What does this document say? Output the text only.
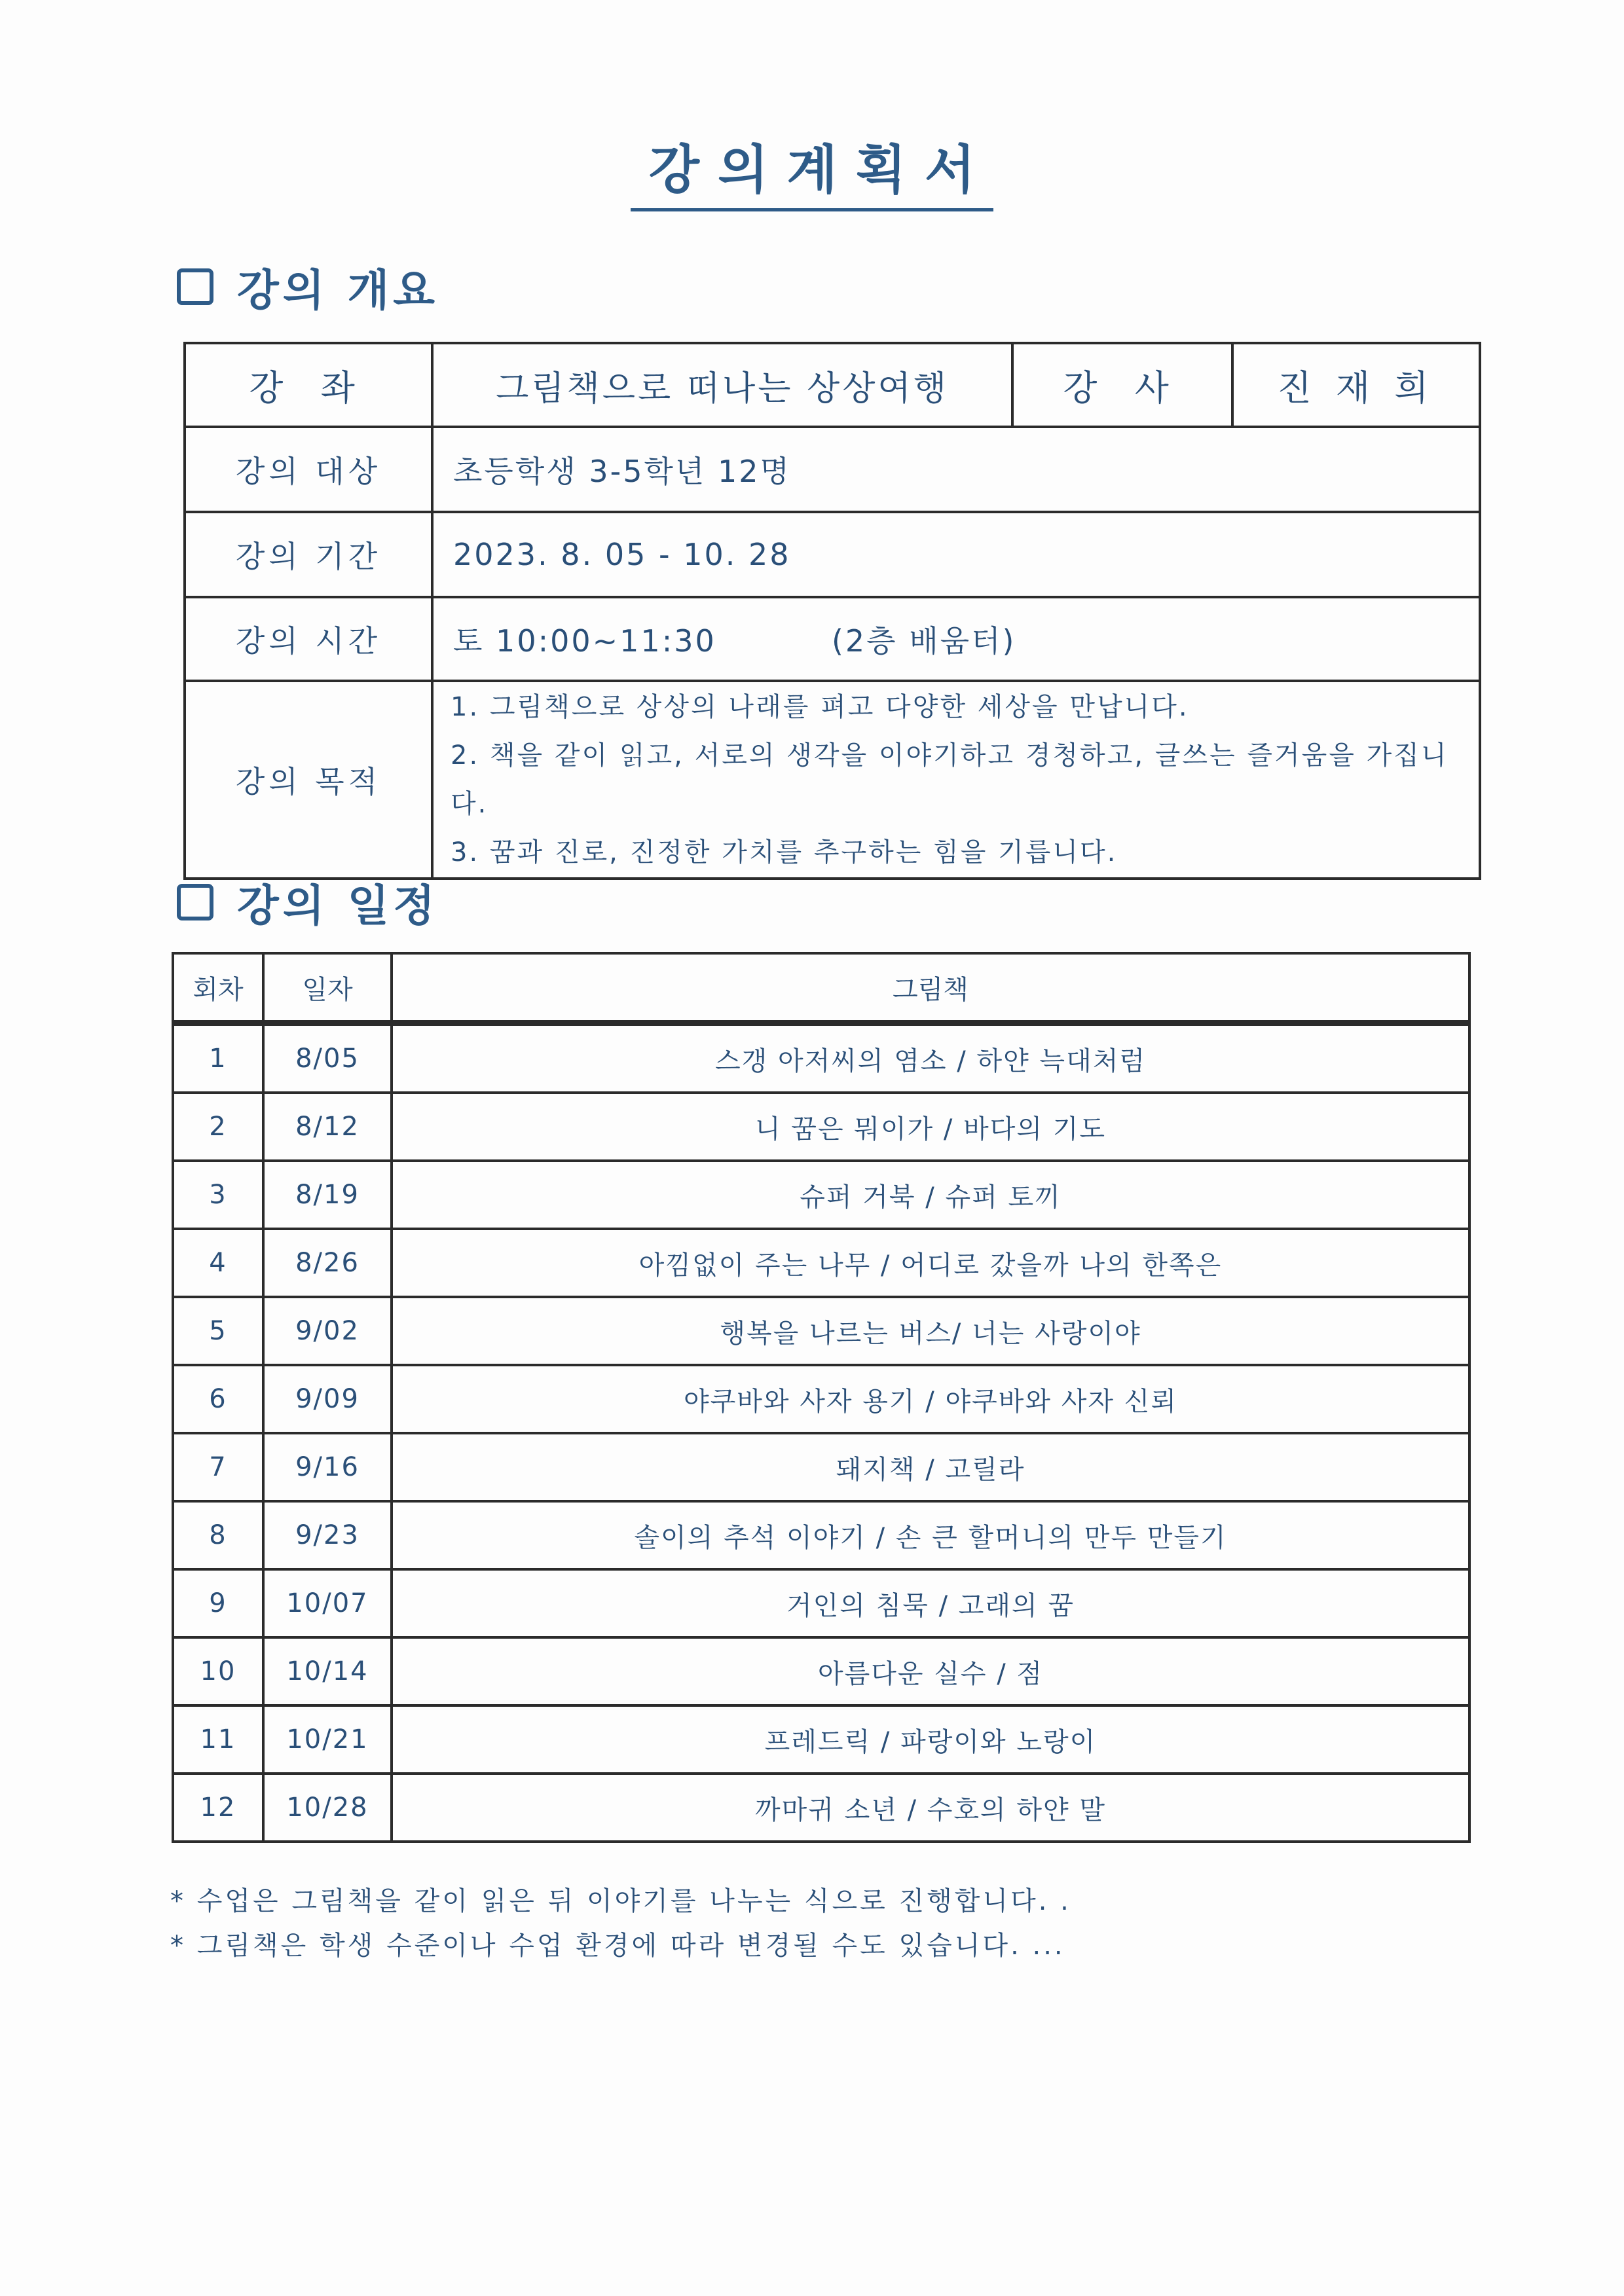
강의계획서
강의 개요
강 좌	그림책으로 떠나는 상상여행	강 사	진 재 희
강의 대상	초등학생 3-5학년 12명		
강의 기간	2023. 8. 05 - 10. 28		
강의 시간	토 10:00~11:30          (2층 배움터)		
강의 목적	1. 그림책으로 상상의 나래를 펴고 다양한 세상을 만납니다.
2. 책을 같이 읽고, 서로의 생각을 이야기하고 경청하고, 글쓰는 즐거움을 가집니다.
3. 꿈과 진로, 진정한 가치를 추구하는 힘을 기릅니다.		
강의 일정
회차	일자	그림책
1	8/05	스갱 아저씨의 염소 / 하얀 늑대처럼
2	8/12	니 꿈은 뭐이가 / 바다의 기도
3	8/19	슈퍼 거북 / 슈퍼 토끼
4	8/26	아낌없이 주는 나무 / 어디로 갔을까 나의 한쪽은
5	9/02	행복을 나르는 버스/ 너는 사랑이야
6	9/09	야쿠바와 사자 용기 / 야쿠바와 사자 신뢰
7	9/16	돼지책 / 고릴라
8	9/23	솔이의 추석 이야기 / 손 큰 할머니의 만두 만들기
9	10/07	거인의 침묵 / 고래의 꿈
10	10/14	아름다운 실수 / 점
11	10/21	프레드릭 / 파랑이와 노랑이
12	10/28	까마귀 소년 / 수호의 하얀 말
* 수업은 그림책을 같이 읽은 뒤 이야기를 나누는 식으로 진행합니다. .
* 그림책은 학생 수준이나 수업 환경에 따라 변경될 수도 있습니다. ...
